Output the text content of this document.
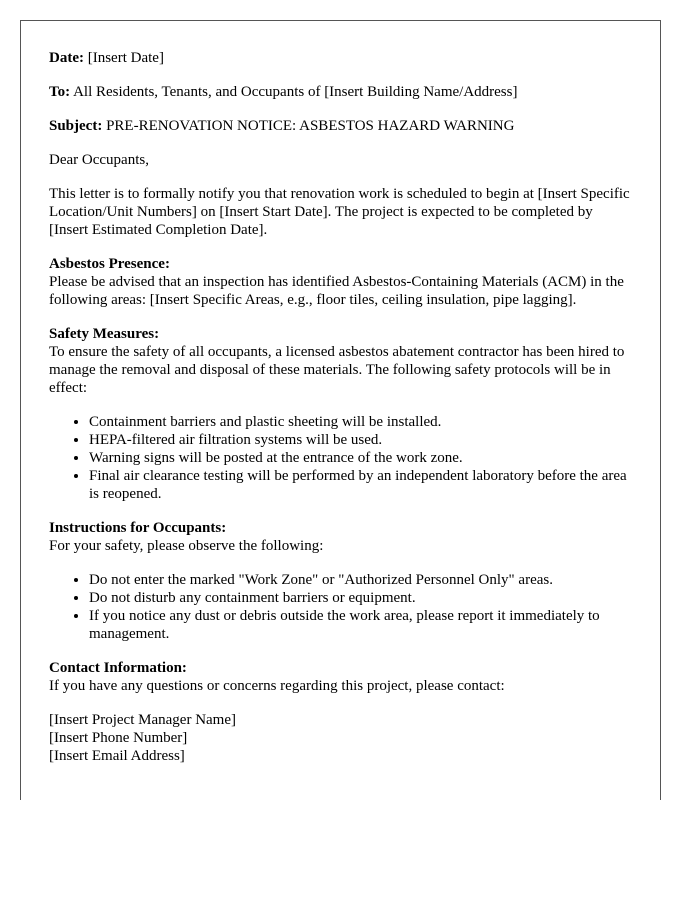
Date: [Insert Date]

To: All Residents, Tenants, and Occupants of [Insert Building Name/Address]

Subject: PRE-RENOVATION NOTICE: ASBESTOS HAZARD WARNING

Dear Occupants,

This letter is to formally notify you that renovation work is scheduled to begin at [Insert Specific Location/Unit Numbers] on [Insert Start Date]. The project is expected to be completed by [Insert Estimated Completion Date].

Asbestos Presence:
Please be advised that an inspection has identified Asbestos-Containing Materials (ACM) in the following areas: [Insert Specific Areas, e.g., floor tiles, ceiling insulation, pipe lagging].

Safety Measures:
To ensure the safety of all occupants, a licensed asbestos abatement contractor has been hired to manage the removal and disposal of these materials. The following safety protocols will be in effect:

• Containment barriers and plastic sheeting will be installed.
• HEPA-filtered air filtration systems will be used.
• Warning signs will be posted at the entrance of the work zone.
• Final air clearance testing will be performed by an independent laboratory before the area is reopened.

Instructions for Occupants:
For your safety, please observe the following:

• Do not enter the marked "Work Zone" or "Authorized Personnel Only" areas.
• Do not disturb any containment barriers or equipment.
• If you notice any dust or debris outside the work area, please report it immediately to management.

Contact Information:
If you have any questions or concerns regarding this project, please contact:

[Insert Project Manager Name]
[Insert Phone Number]
[Insert Email Address]
